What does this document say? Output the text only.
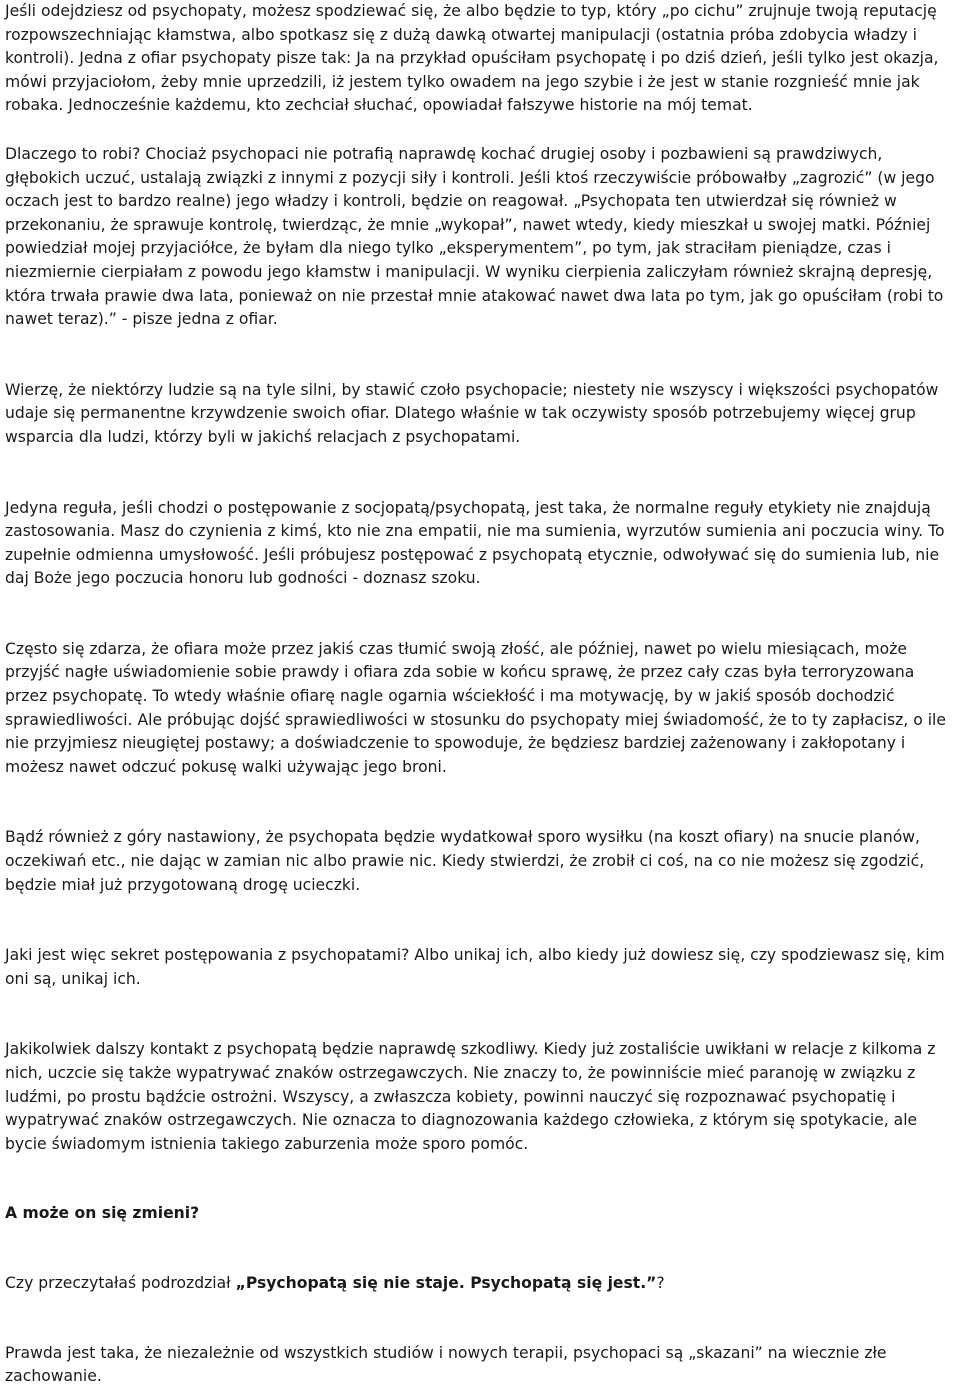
Jeśli odejdziesz od psychopaty, możesz spodziewać się, że albo będzie to typ, który „po cichu” zrujnuje twoją reputację rozpowszechniając kłamstwa, albo spotkasz się z dużą dawką otwartej manipulacji (ostatnia próba zdobycia władzy i kontroli). Jedna z ofiar psychopaty pisze tak: Ja na przykład opuściłam psychopatę i po dziś dzień, jeśli tylko jest okazja, mówi przyjaciołom, żeby mnie uprzedzili, iż jestem tylko owadem na jego szybie i że jest w stanie rozgnieść mnie jak robaka. Jednocześnie każdemu, kto zechciał słuchać, opowiadał fałszywe historie na mój temat.

Dlaczego to robi? Chociaż psychopaci nie potrafią naprawdę kochać drugiej osoby i pozbawieni są prawdziwych, głębokich uczuć, ustalają związki z innymi z pozycji siły i kontroli. Jeśli ktoś rzeczywiście próbowałby „zagrozić” (w jego oczach jest to bardzo realne) jego władzy i kontroli, będzie on reagował. „Psychopata ten utwierdzał się również w przekonaniu, że sprawuje kontrolę, twierdząc, że mnie „wykopał”, nawet wtedy, kiedy mieszkał u swojej matki. Później powiedział mojej przyjaciółce, że byłam dla niego tylko „eksperymentem”, po tym, jak straciłam pieniądze, czas i niezmiernie cierpiałam z powodu jego kłamstw i manipulacji. W wyniku cierpienia zaliczyłam również skrajną depresję, która trwała prawie dwa lata, ponieważ on nie przestał mnie atakować nawet dwa lata po tym, jak go opuściłam (robi to nawet teraz).” - pisze jedna z ofiar.

Wierzę, że niektórzy ludzie są na tyle silni, by stawić czoło psychopacie; niestety nie wszyscy i większości psychopatów udaje się permanentne krzywdzenie swoich ofiar. Dlatego właśnie w tak oczywisty sposób potrzebujemy więcej grup wsparcia dla ludzi, którzy byli w jakichś relacjach z psychopatami.

Jedyna reguła, jeśli chodzi o postępowanie z socjopatą/psychopatą, jest taka, że normalne reguły etykiety nie znajdują zastosowania. Masz do czynienia z kimś, kto nie zna empatii, nie ma sumienia, wyrzutów sumienia ani poczucia winy. To zupełnie odmienna umysłowość. Jeśli próbujesz postępować z psychopatą etycznie, odwoływać się do sumienia lub, nie daj Boże jego poczucia honoru lub godności - doznasz szoku.

Często się zdarza, że ofiara może przez jakiś czas tłumić swoją złość, ale później, nawet po wielu miesiącach, może przyjść nagłe uświadomienie sobie prawdy i ofiara zda sobie w końcu sprawę, że przez cały czas była terroryzowana przez psychopatę. To wtedy właśnie ofiarę nagle ogarnia wściekłość i ma motywację, by w jakiś sposób dochodzić sprawiedliwości. Ale próbując dojść sprawiedliwości w stosunku do psychopaty miej świadomość, że to ty zapłacisz, o ile nie przyjmiesz nieugiętej postawy; a doświadczenie to spowoduje, że będziesz bardziej zażenowany i zakłopotany i możesz nawet odczuć pokusę walki używając jego broni.

Bądź również z góry nastawiony, że psychopata będzie wydatkował sporo wysiłku (na koszt ofiary) na snucie planów, oczekiwań etc., nie dając w zamian nic albo prawie nic. Kiedy stwierdzi, że zrobił ci coś, na co nie możesz się zgodzić, będzie miał już przygotowaną drogę ucieczki.

Jaki jest więc sekret postępowania z psychopatami? Albo unikaj ich, albo kiedy już dowiesz się, czy spodziewasz się, kim oni są, unikaj ich.

Jakikolwiek dalszy kontakt z psychopatą będzie naprawdę szkodliwy. Kiedy już zostaliście uwikłani w relacje z kilkoma z nich, uczcie się także wypatrywać znaków ostrzegawczych. Nie znaczy to, że powinniście mieć paranoję w związku z ludźmi, po prostu bądźcie ostrożni. Wszyscy, a zwłaszcza kobiety, powinni nauczyć się rozpoznawać psychopatię i wypatrywać znaków ostrzegawczych. Nie oznacza to diagnozowania każdego człowieka, z którym się spotykacie, ale bycie świadomym istnienia takiego zaburzenia może sporo pomóc.

A może on się zmieni?

Czy przeczytałaś podrozdział „Psychopatą się nie staje. Psychopatą się jest.”?

Prawda jest taka, że niezależnie od wszystkich studiów i nowych terapii, psychopaci są „skazani” na wiecznie złe zachowanie.
